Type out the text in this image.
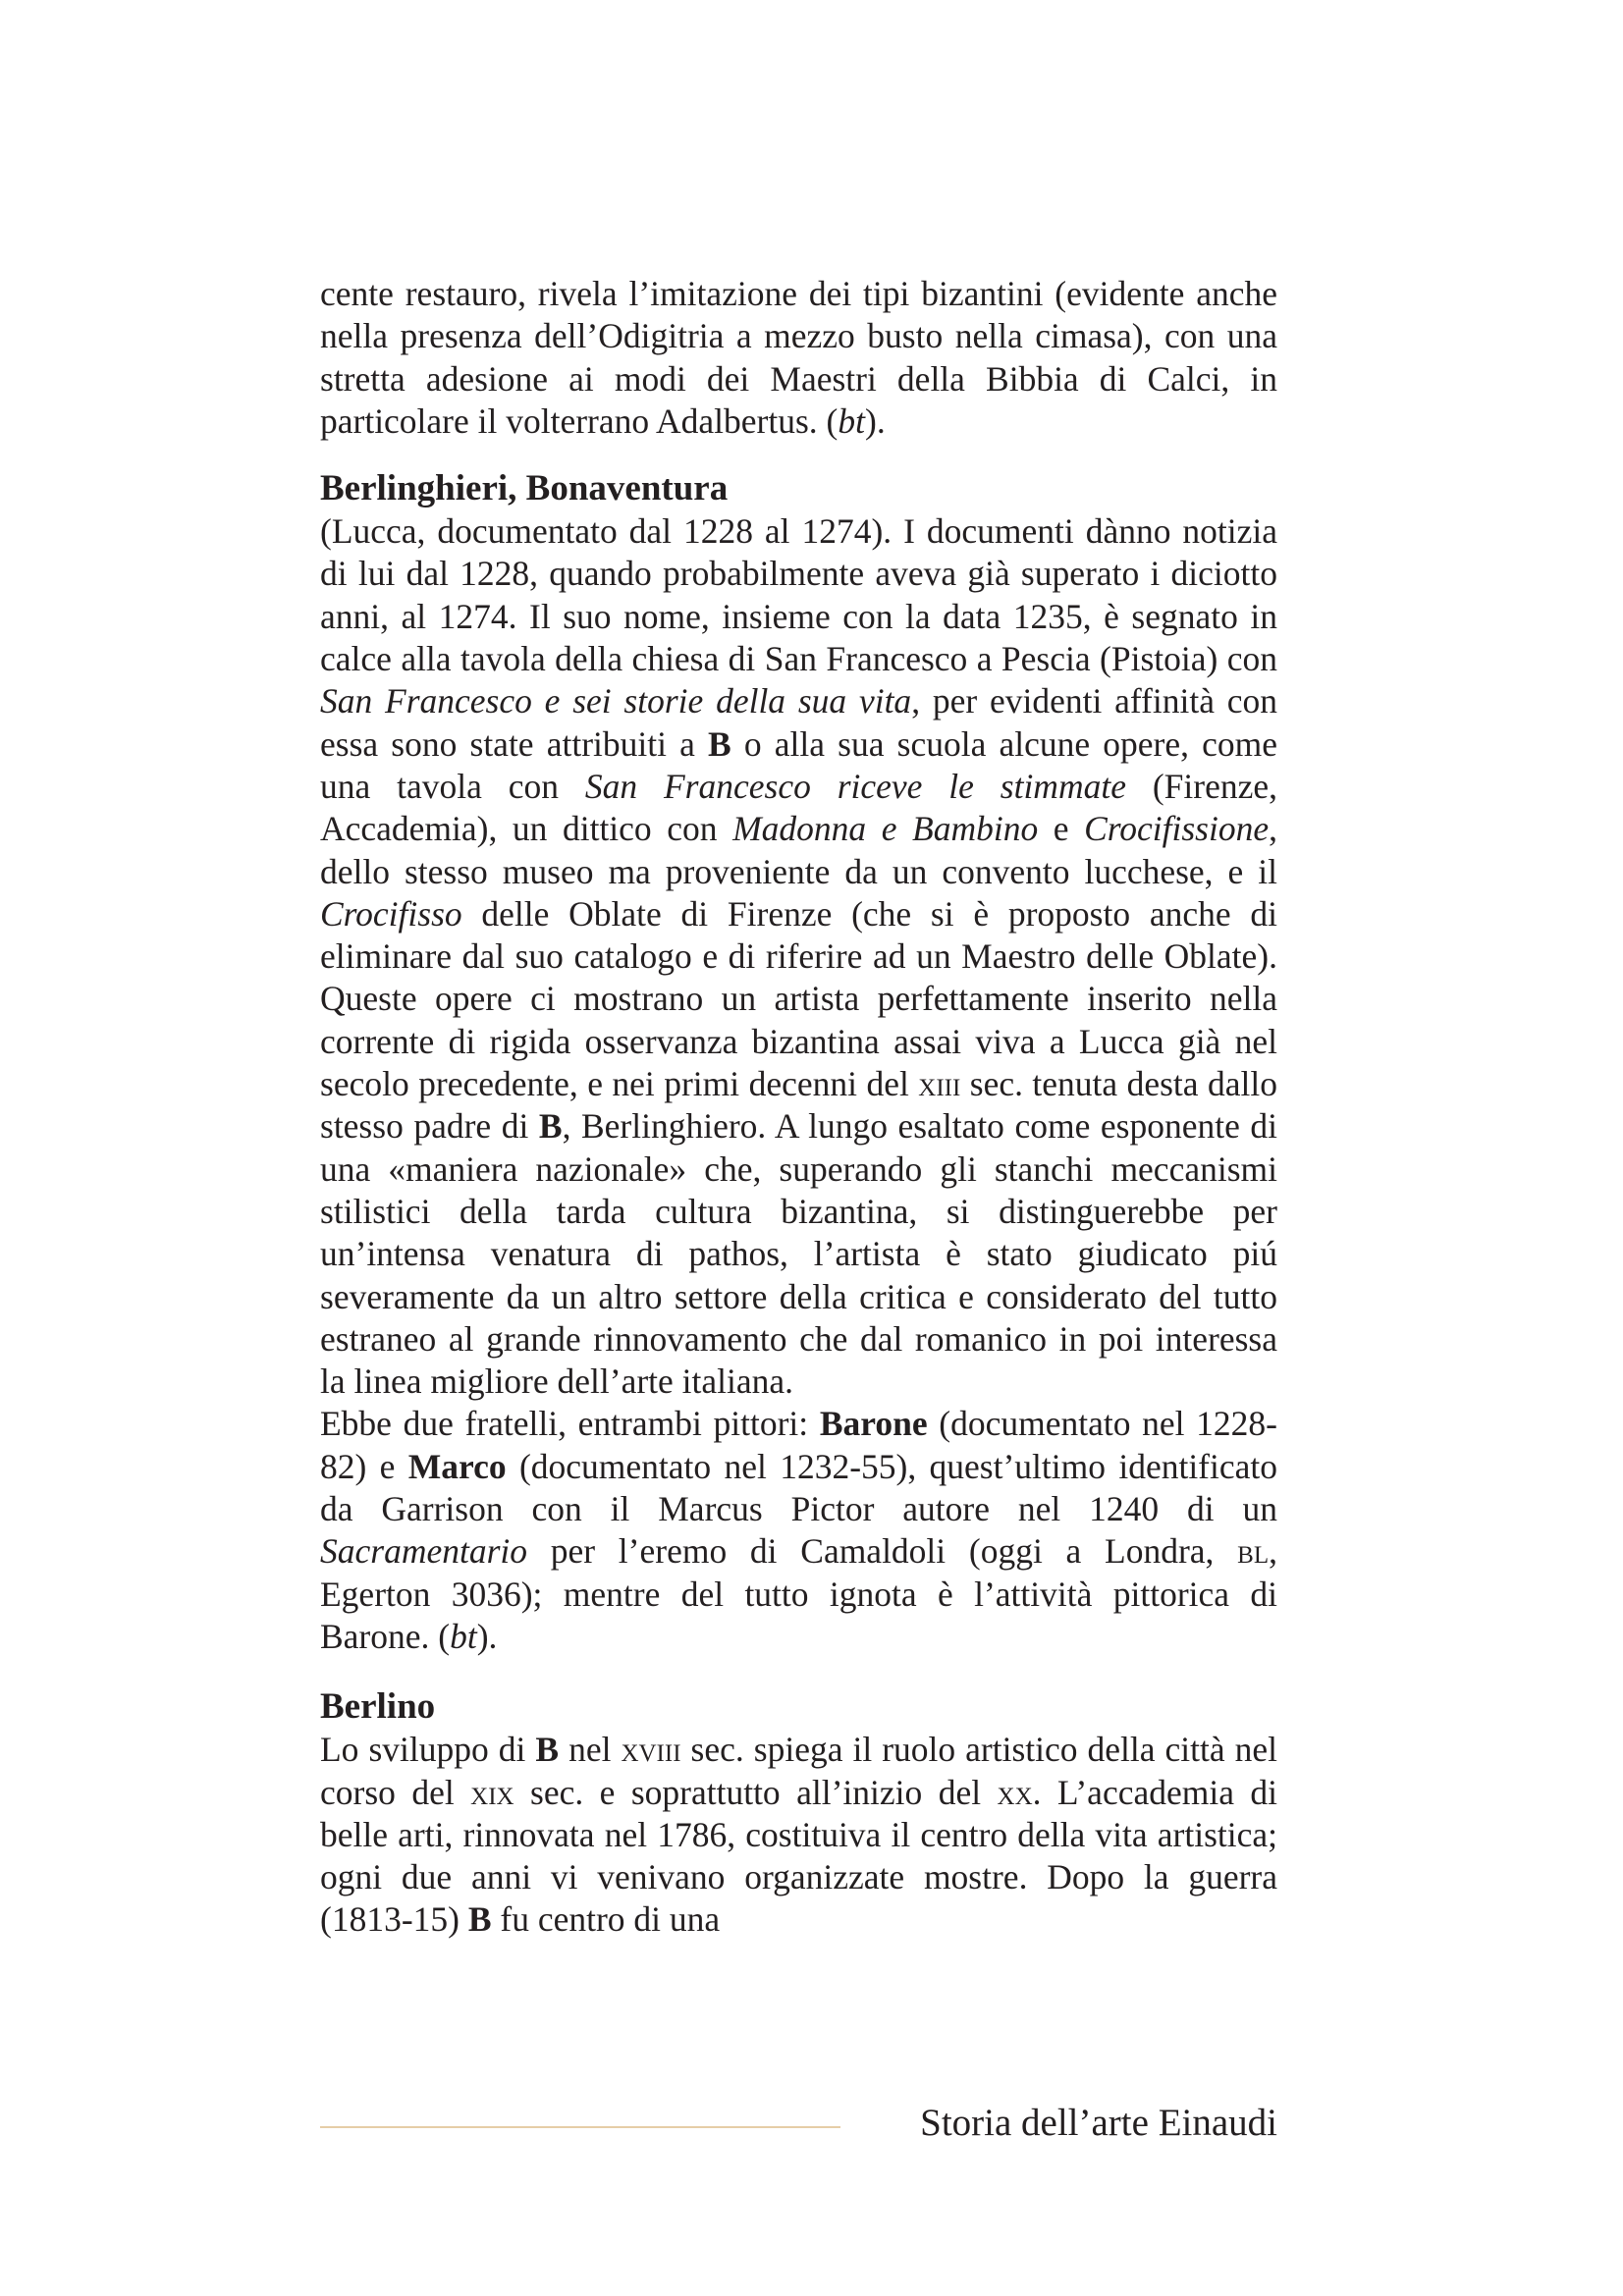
cente restauro, rivela l’imitazione dei tipi bizantini (evidente anche nella presenza dell’Odigitria a mezzo busto nella cimasa), con una stretta adesione ai modi dei Maestri della Bibbia di Calci, in particolare il volterrano Adalbertus. (bt).

Berlinghieri, Bonaventura

(Lucca, documentato dal 1228 al 1274). I documenti dànno notizia di lui dal 1228, quando probabilmente aveva già superato i diciotto anni, al 1274. Il suo nome, insieme con la data 1235, è segnato in calce alla tavola della chiesa di San Francesco a Pescia (Pistoia) con San Francesco e sei storie della sua vita, per evidenti affinità con essa sono state attribuiti a B o alla sua scuola alcune opere, come una tavola con San Francesco riceve le stimmate (Firenze, Accademia), un dittico con Madonna e Bambino e Crocifissione, dello stesso museo ma proveniente da un convento lucchese, e il Crocifisso delle Oblate di Firenze (che si è proposto anche di eliminare dal suo catalogo e di riferire ad un Maestro delle Oblate). Queste opere ci mostrano un artista perfettamente inserito nella corrente di rigida osservanza bizantina assai viva a Lucca già nel secolo precedente, e nei primi decenni del xiii sec. tenuta desta dallo stesso padre di B, Berlinghiero. A lungo esaltato come esponente di una «maniera nazionale» che, superando gli stanchi meccanismi stilistici della tarda cultura bizantina, si distinguerebbe per un’intensa venatura di pathos, l’artista è stato giudicato piú severamente da un altro settore della critica e considerato del tutto estraneo al grande rinnovamento che dal romanico in poi interessa la linea migliore dell’arte italiana.

Ebbe due fratelli, entrambi pittori: Barone (documentato nel 1228-82) e Marco (documentato nel 1232-55), quest’ultimo identificato da Garrison con il Marcus Pictor autore nel 1240 di un Sacramentario per l’eremo di Camaldoli (oggi a Londra, bl, Egerton 3036); mentre del tutto ignota è l’attività pittorica di Barone. (bt).

Berlino

Lo sviluppo di B nel xviii sec. spiega il ruolo artistico della città nel corso del xix sec. e soprattutto all’inizio del xx. L’accademia di belle arti, rinnovata nel 1786, costituiva il centro della vita artistica; ogni due anni vi venivano organizzate mostre. Dopo la guerra (1813-15) B fu centro di una

Storia dell’arte Einaudi
